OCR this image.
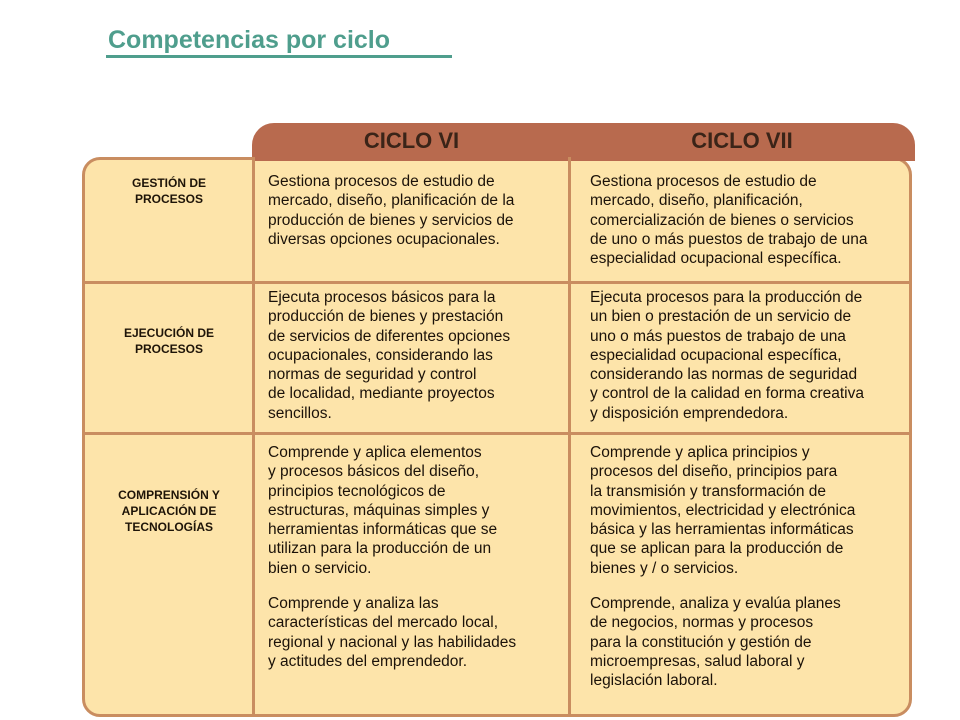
Competencias por ciclo
CICLO VI	CICLO VII
GESTIÓN DE
PROCESOS
EJECUCIÓN DE
PROCESOS
COMPRENSIÓN Y
APLICACIÓN DE
TECNOLOGÍAS

Gestiona procesos de estudio de
mercado, diseño, planificación de la
producción de bienes y servicios de
diversas opciones ocupacionales.

Gestiona procesos de estudio de
mercado, diseño, planificación,
comercialización de bienes o servicios
de uno o más puestos de trabajo de una
especialidad ocupacional específica.

Ejecuta procesos básicos para la
producción de bienes y prestación
de servicios de diferentes opciones
ocupacionales, considerando las
normas de seguridad y control
de localidad, mediante proyectos
sencillos.

Ejecuta procesos para la producción de
un bien o prestación de un servicio de
uno o más puestos de trabajo de una
especialidad ocupacional específica,
considerando las normas de seguridad
y control de la calidad en forma creativa
y disposición emprendedora.

Comprende y aplica elementos
y procesos básicos del diseño,
principios tecnológicos de
estructuras, máquinas simples y
herramientas informáticas que se
utilizan para la producción de un
bien o servicio.

Comprende y analiza las
características del mercado local,
regional y nacional y las habilidades
y actitudes del emprendedor.

Comprende y aplica principios y
procesos del diseño, principios para
la transmisión y transformación de
movimientos, electricidad y electrónica
básica y las herramientas informáticas
que se aplican para la producción de
bienes y / o servicios.

Comprende, analiza y evalúa planes
de negocios, normas y procesos
para la constitución y gestión de
microempresas, salud laboral y
legislación laboral.
